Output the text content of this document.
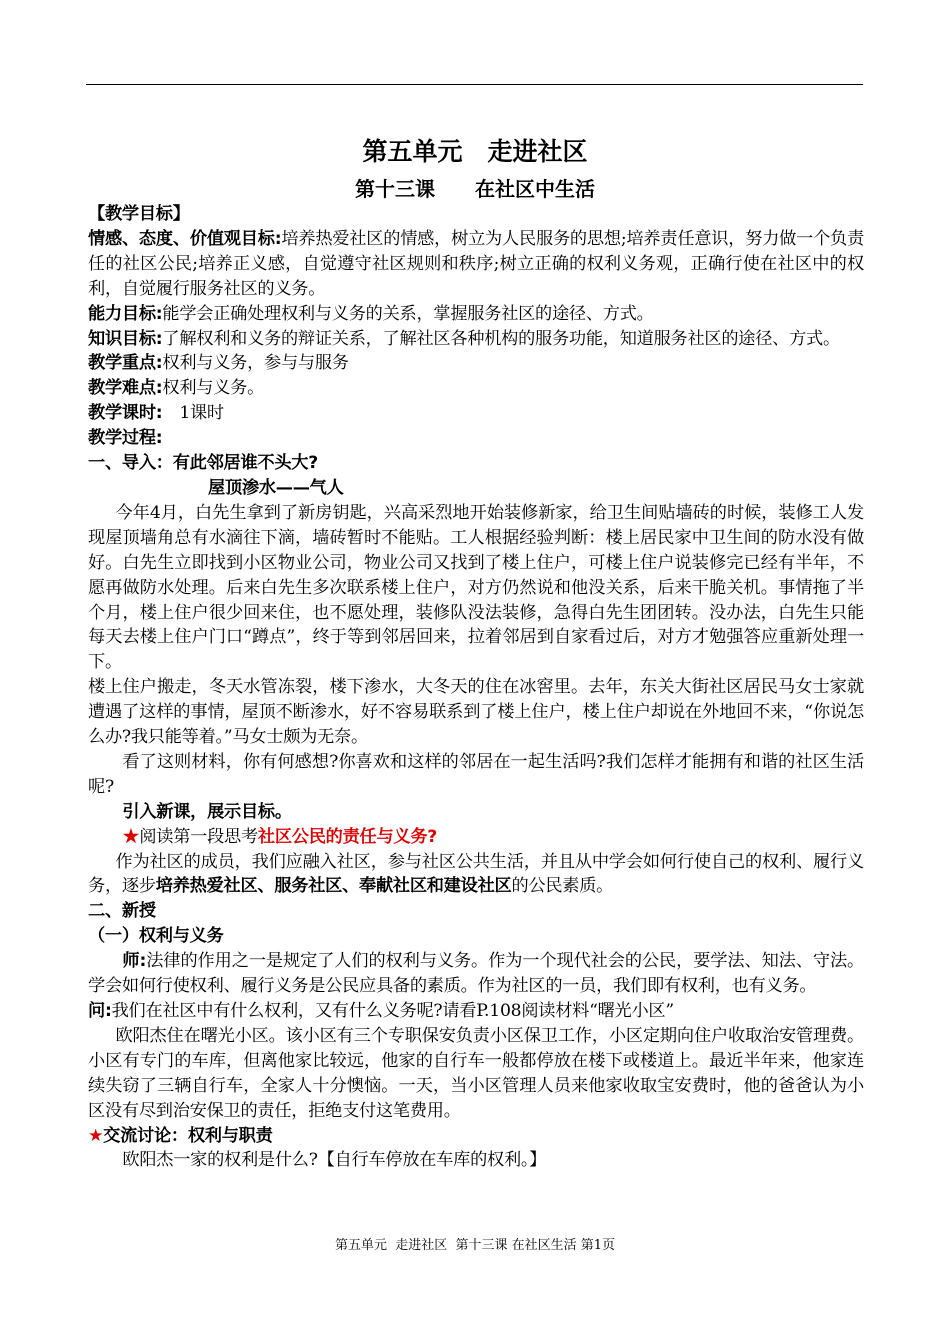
第五单元　走进社区
第十三课　　在社区中生活

【教学目标】

情感、态度、价值观目标:培养热爱社区的情感，树立为人民服务的思想;培养责任意识，努力做一个负责任的社区公民;培养正义感，自觉遵守社区规则和秩序;树立正确的权利义务观，正确行使在社区中的权利，自觉履行服务社区的义务。

能力目标:能学会正确处理权利与义务的关系，掌握服务社区的途径、方式。

知识目标:了解权利和义务的辩证关系，了解社区各种机构的服务功能，知道服务社区的途径、方式。

教学重点:权利与义务，参与与服务

教学难点:权利与义务。

教学课时:　1课时

教学过程:

一、导入：有此邻居谁不头大?

屋顶渗水——气人

今年4月，白先生拿到了新房钥匙，兴高采烈地开始装修新家，给卫生间贴墙砖的时候，装修工人发现屋顶墙角总有水滴往下滴，墙砖暂时不能贴。工人根据经验判断：楼上居民家中卫生间的防水没有做好。白先生立即找到小区物业公司，物业公司又找到了楼上住户，可楼上住户说装修完已经有半年，不愿再做防水处理。后来白先生多次联系楼上住户，对方仍然说和他没关系，后来干脆关机。事情拖了半个月，楼上住户很少回来住，也不愿处理，装修队没法装修，急得白先生团团转。没办法，白先生只能每天去楼上住户门口“蹲点”，终于等到邻居回来，拉着邻居到自家看过后，对方才勉强答应重新处理一下。

楼上住户搬走，冬天水管冻裂，楼下渗水，大冬天的住在冰窖里。去年，东关大街社区居民马女士家就遭遇了这样的事情，屋顶不断渗水，好不容易联系到了楼上住户，楼上住户却说在外地回不来，“你说怎么办?我只能等着。”马女士颇为无奈。

看了这则材料，你有何感想?你喜欢和这样的邻居在一起生活吗?我们怎样才能拥有和谐的社区生活呢?

引入新课，展示目标。

★阅读第一段思考社区公民的责任与义务?

作为社区的成员，我们应融入社区，参与社区公共生活，并且从中学会如何行使自己的权利、履行义务，逐步培养热爱社区、服务社区、奉献社区和建设社区的公民素质。

二、新授

（一）权利与义务

师:法律的作用之一是规定了人们的权利与义务。作为一个现代社会的公民，要学法、知法、守法。学会如何行使权利、履行义务是公民应具备的素质。作为社区的一员，我们即有权利，也有义务。

问:我们在社区中有什么权利，又有什么义务呢?请看P.108阅读材料“曙光小区”

欧阳杰住在曙光小区。该小区有三个专职保安负责小区保卫工作，小区定期向住户收取治安管理费。小区有专门的车库，但离他家比较远，他家的自行车一般都停放在楼下或楼道上。最近半年来，他家连续失窃了三辆自行车，全家人十分懊恼。一天，当小区管理人员来他家收取宝安费时，他的爸爸认为小区没有尽到治安保卫的责任，拒绝支付这笔费用。

★交流讨论：权利与职责

欧阳杰一家的权利是什么?【自行车停放在车库的权利。】

第五单元  走进社区  第十三课 在社区生活 第1页
